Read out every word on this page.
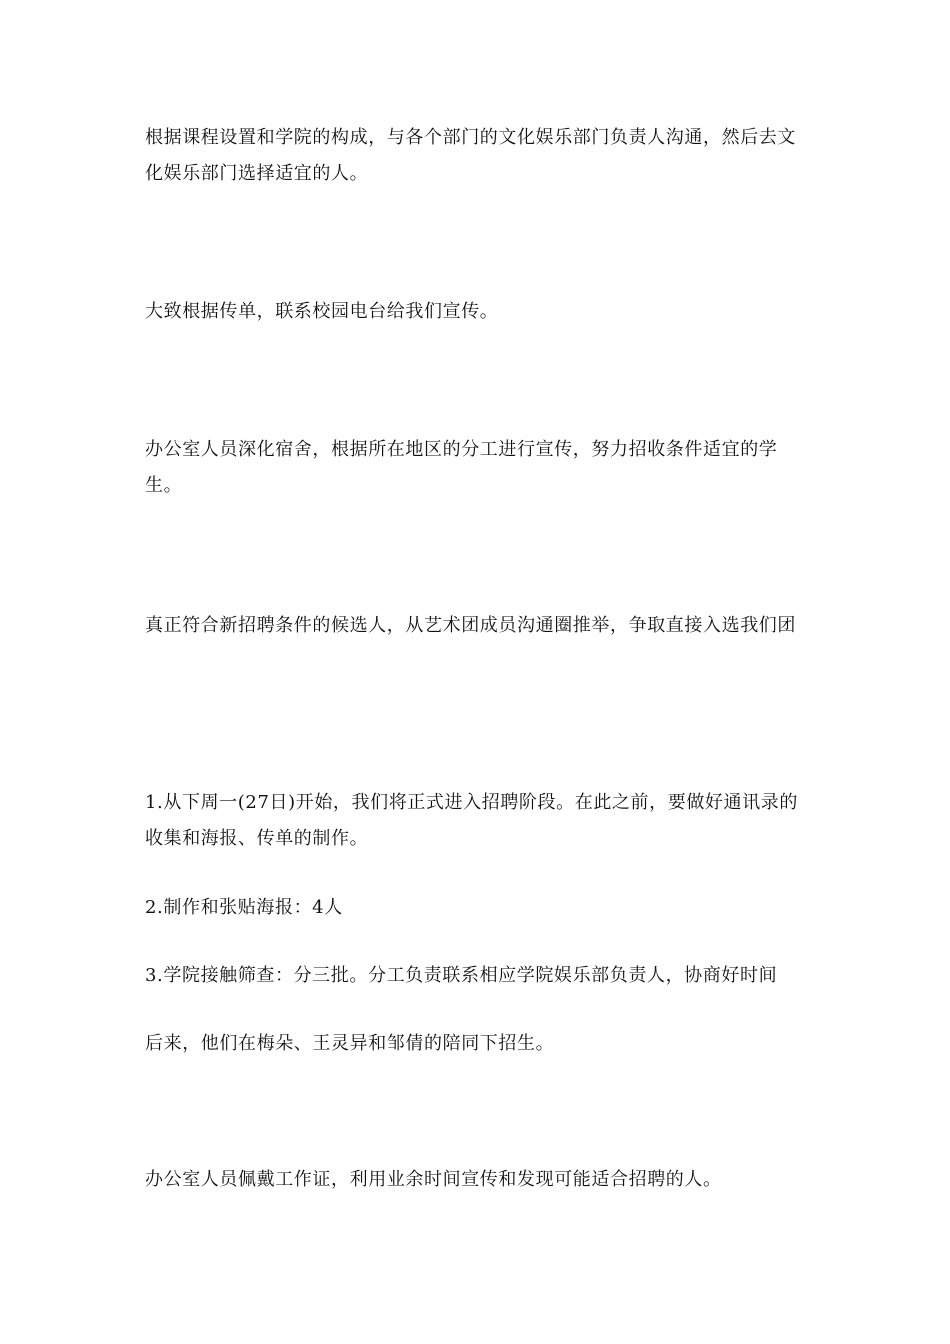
根据课程设置和学院的构成，与各个部门的文化娱乐部门负责人沟通，然后去文化娱乐部门选择适宜的人。

大致根据传单，联系校园电台给我们宣传。

办公室人员深化宿舍，根据所在地区的分工进行宣传，努力招收条件适宜的学生。

真正符合新招聘条件的候选人，从艺术团成员沟通圈推举，争取直接入选我们团

1.从下周一(27日)开始，我们将正式进入招聘阶段。在此之前，要做好通讯录的收集和海报、传单的制作。

2.制作和张贴海报：4人

3.学院接触筛查：分三批。分工负责联系相应学院娱乐部负责人，协商好时间

后来，他们在梅朵、王灵异和邹倩的陪同下招生。

办公室人员佩戴工作证，利用业余时间宣传和发现可能适合招聘的人。
